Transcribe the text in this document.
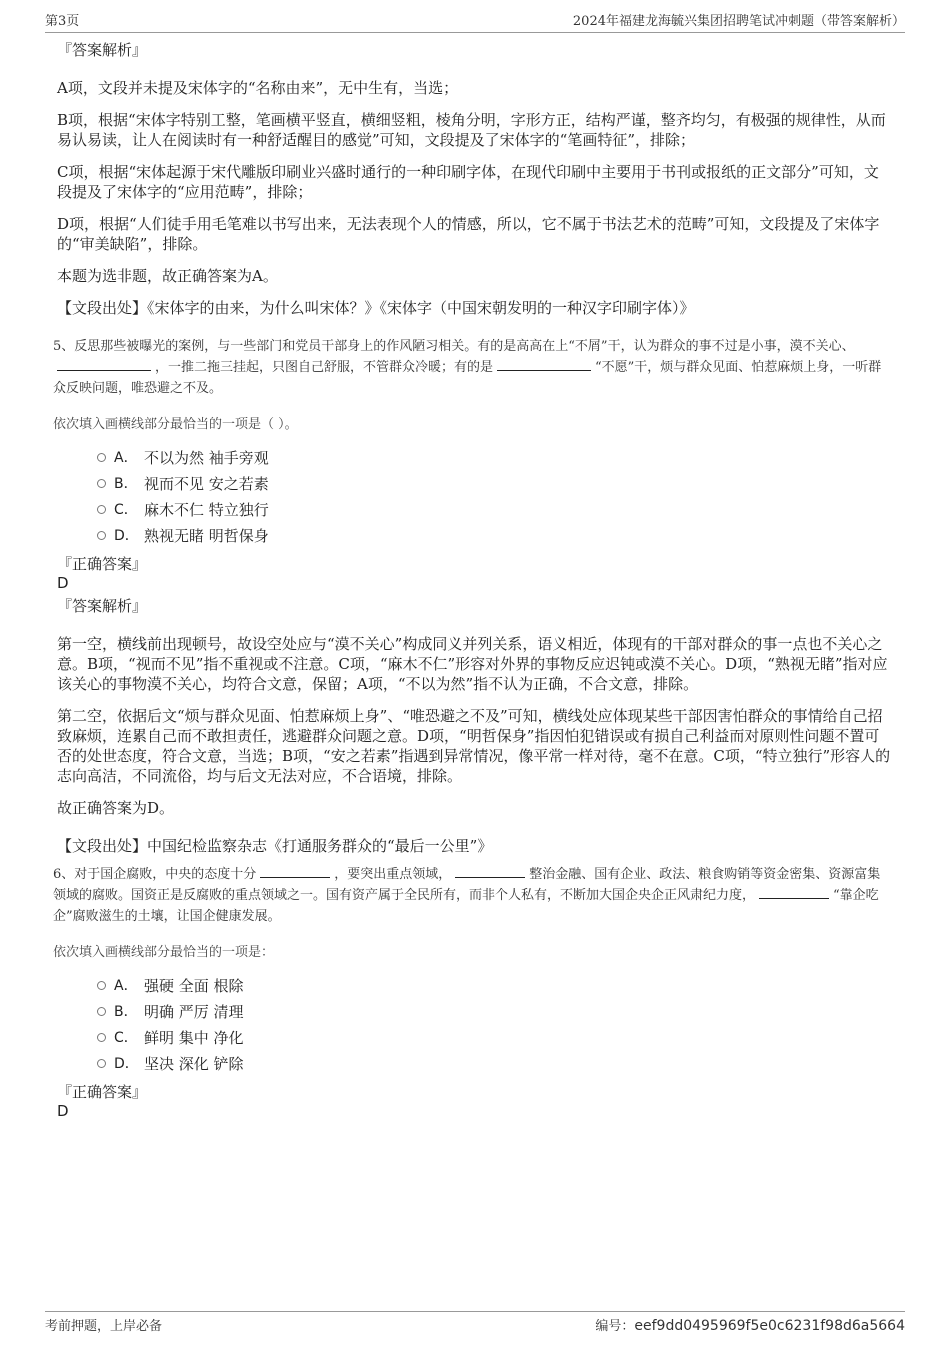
第3页	2024年福建龙海毓兴集团招聘笔试冲刺题（带答案解析）
『答案解析』

A项，文段并未提及宋体字的“名称由来”，无中生有，当选；

B项，根据“宋体字特别工整，笔画横平竖直，横细竖粗，棱角分明，字形方正，结构严谨，整齐均匀，有极强的规律性，从而易认易读，让人在阅读时有一种舒适醒目的感觉”可知，文段提及了宋体字的“笔画特征”，排除；

C项，根据“宋体起源于宋代雕版印刷业兴盛时通行的一种印刷字体，在现代印刷中主要用于书刊或报纸的正文部分”可知，文段提及了宋体字的“应用范畴”，排除；

D项，根据“人们徒手用毛笔难以书写出来，无法表现个人的情感，所以，它不属于书法艺术的范畴”可知，文段提及了宋体字的“审美缺陷”，排除。

本题为选非题，故正确答案为A。

【文段出处】《宋体字的由来，为什么叫宋体？》《宋体字（中国宋朝发明的一种汉字印刷字体）》

5、反思那些被曝光的案例，与一些部门和党员干部身上的作风陋习相关。有的是高高在上“不屑”干，认为群众的事不过是小事，漠不关心、，一推二拖三挂起，只图自己舒服，不管群众冷暖；有的是	“不愿”干，烦与群众见面、怕惹麻烦上身，一听群众反映问题，唯恐避之不及。
依次填入画横线部分最恰当的一项是（ ）。
A． 不以为然 袖手旁观
B． 视而不见 安之若素
C． 麻木不仁 特立独行
D． 熟视无睹 明哲保身
『正确答案』
D
『答案解析』

第一空，横线前出现顿号，故设空处应与“漠不关心”构成同义并列关系，语义相近，体现有的干部对群众的事一点也不关心之意。B项，“视而不见”指不重视或不注意。C项，“麻木不仁”形容对外界的事物反应迟钝或漠不关心。D项，“熟视无睹”指对应该关心的事物漠不关心，均符合文意，保留；A项，“不以为然”指不认为正确，不合文意，排除。

第二空，依据后文“烦与群众见面、怕惹麻烦上身”、“唯恐避之不及”可知，横线处应体现某些干部因害怕群众的事情给自己招致麻烦，连累自己而不敢担责任，逃避群众问题之意。D项，“明哲保身”指因怕犯错误或有损自己利益而对原则性问题不置可否的处世态度，符合文意，当选；B项，“安之若素”指遇到异常情况，像平常一样对待，毫不在意。C项，“特立独行”形容人的志向高洁，不同流俗，均与后文无法对应，不合语境，排除。

故正确答案为D。

【文段出处】中国纪检监察杂志《打通服务群众的“最后一公里”》

6、对于国企腐败，中央的态度十分	，要突出重点领域，	整治金融、国有企业、政法、粮食购销等资金密集、资源富集领域的腐败。国资正是反腐败的重点领域之一。国有资产属于全民所有，而非个人私有，不断加大国企央企正风肃纪力度，	“靠企吃企”腐败滋生的土壤，让国企健康发展。
依次填入画横线部分最恰当的一项是：
A． 强硬 全面 根除
B． 明确 严厉 清理
C． 鲜明 集中 净化
D． 坚决 深化 铲除
『正确答案』
D
考前押题，上岸必备	编号：eef9dd0495969f5e0c6231f98d6a5664
